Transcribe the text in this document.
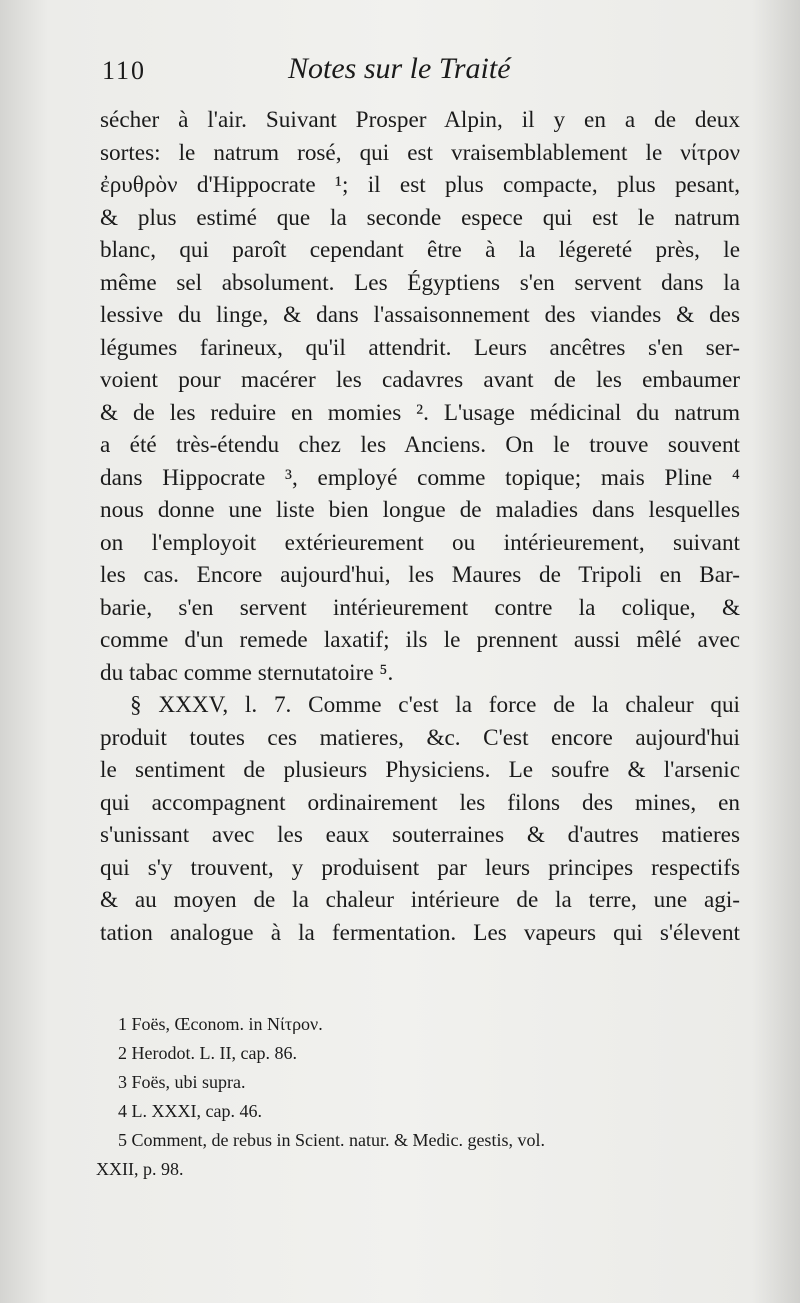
110	Notes sur le Traité
sécher à l'air. Suivant Prosper Alpin, il y en a de deux
sortes: le natrum rosé, qui est vraisemblablement le νίτρον
ἐρυθρὸν d'Hippocrate ¹; il est plus compacte, plus pesant,
& plus estimé que la seconde espece qui est le natrum
blanc, qui paroît cependant être à la légereté près, le
même sel absolument. Les Égyptiens s'en servent dans la
lessive du linge, & dans l'assaisonnement des viandes & des
légumes farineux, qu'il attendrit. Leurs ancêtres s'en ser-
voient pour macérer les cadavres avant de les embaumer
& de les reduire en momies ². L'usage médicinal du natrum
a été très-étendu chez les Anciens. On le trouve souvent
dans Hippocrate ³, employé comme topique; mais Pline ⁴
nous donne une liste bien longue de maladies dans lesquelles
on l'employoit extérieurement ou intérieurement, suivant
les cas. Encore aujourd'hui, les Maures de Tripoli en Bar-
barie, s'en servent intérieurement contre la colique, &
comme d'un remede laxatif; ils le prennent aussi mêlé avec
du tabac comme sternutatoire ⁵.
§ XXXV, l. 7. Comme c'est la force de la chaleur qui
produit toutes ces matieres, &c. C'est encore aujourd'hui
le sentiment de plusieurs Physiciens. Le soufre & l'arsenic
qui accompagnent ordinairement les filons des mines, en
s'unissant avec les eaux souterraines & d'autres matieres
qui s'y trouvent, y produisent par leurs principes respectifs
& au moyen de la chaleur intérieure de la terre, une agi-
tation analogue à la fermentation. Les vapeurs qui s'élevent
1 Foës, Œconom. in Νίτρον.
2 Herodot. L. II, cap. 86.
3 Foës, ubi supra.
4 L. XXXI, cap. 46.
5 Comment, de rebus in Scient. natur. & Medic. gestis, vol.
XXII, p. 98.
